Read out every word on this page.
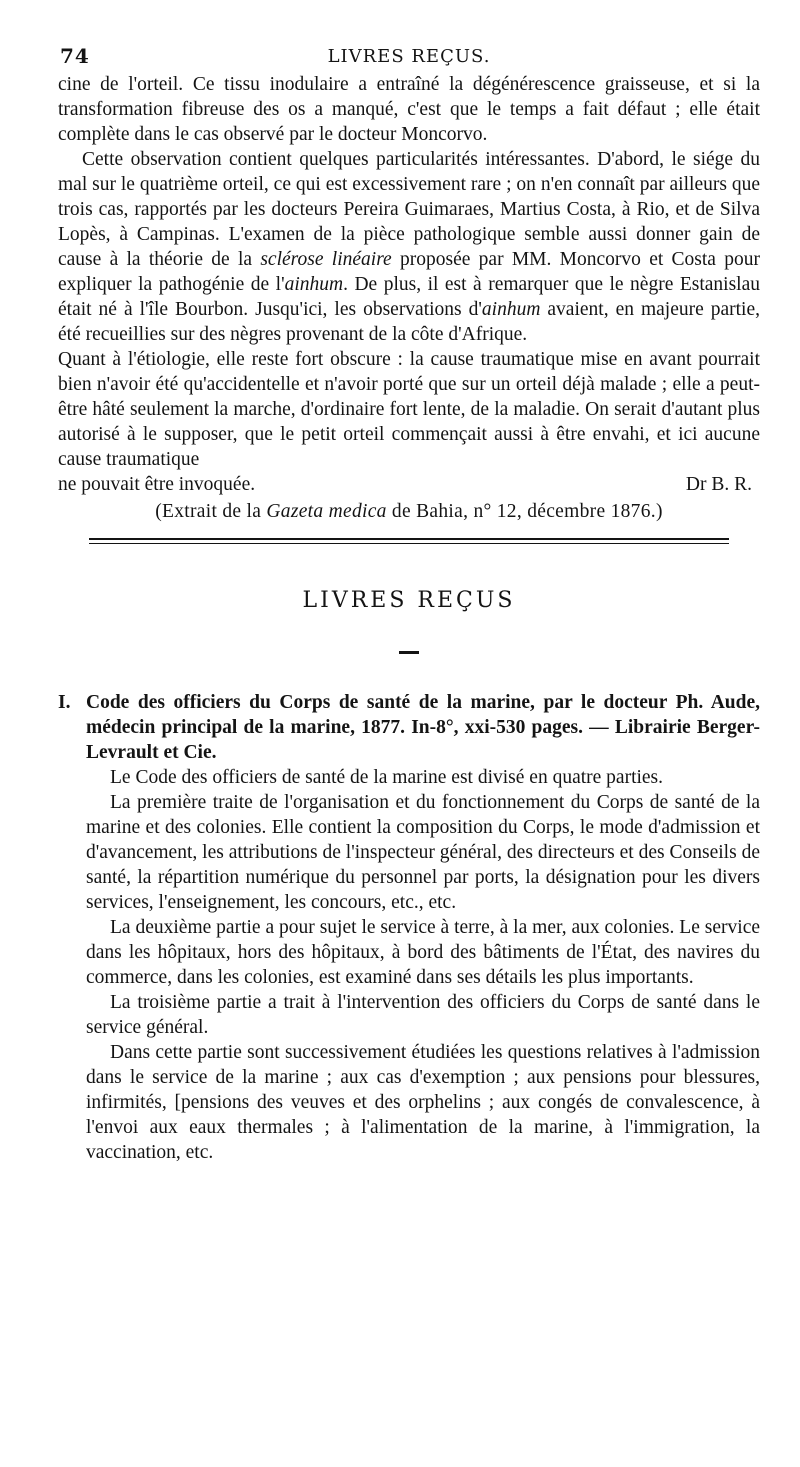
74	LIVRES REÇUS.

cine de l'orteil. Ce tissu inodulaire a entraîné la dégénérescence graisseuse, et si la transformation fibreuse des os a manqué, c'est que le temps a fait défaut ; elle était complète dans le cas observé par le docteur Moncorvo.

Cette observation contient quelques particularités intéressantes. D'abord, le siége du mal sur le quatrième orteil, ce qui est excessivement rare ; on n'en connaît par ailleurs que trois cas, rapportés par les docteurs Pereira Guimaraes, Martius Costa, à Rio, et de Silva Lopès, à Campinas. L'examen de la pièce pathologique semble aussi donner gain de cause à la théorie de la sclérose linéaire proposée par MM. Moncorvo et Costa pour expliquer la pathogénie de l'ainhum. De plus, il est à remarquer que le nègre Estanislau était né à l'île Bourbon. Jusqu'ici, les observations d'ainhum avaient, en majeure partie, été recueillies sur des nègres provenant de la côte d'Afrique.

Quant à l'étiologie, elle reste fort obscure : la cause traumatique mise en avant pourrait bien n'avoir été qu'accidentelle et n'avoir porté que sur un orteil déjà malade ; elle a peut-être hâté seulement la marche, d'ordinaire fort lente, de la maladie. On serait d'autant plus autorisé à le supposer, que le petit orteil commençait aussi à être envahi, et ici aucune cause traumatique

ne pouvait être invoquée.	Dr B. R.

(Extrait de la Gazeta medica de Bahia, n° 12, décembre 1876.)

LIVRES REÇUS
I. Code des officiers du Corps de santé de la marine, par le docteur Ph. Aude, médecin principal de la marine, 1877. In-8°, xxi-530 pages. — Librairie Berger-Levrault et Cie.

Le Code des officiers de santé de la marine est divisé en quatre parties.

La première traite de l'organisation et du fonctionnement du Corps de santé de la marine et des colonies. Elle contient la composition du Corps, le mode d'admission et d'avancement, les attributions de l'inspecteur général, des directeurs et des Conseils de santé, la répartition numérique du personnel par ports, la désignation pour les divers services, l'enseignement, les concours, etc., etc.

La deuxième partie a pour sujet le service à terre, à la mer, aux colonies. Le service dans les hôpitaux, hors des hôpitaux, à bord des bâtiments de l'État, des navires du commerce, dans les colonies, est examiné dans ses détails les plus importants.

La troisième partie a trait à l'intervention des officiers du Corps de santé dans le service général.

Dans cette partie sont successivement étudiées les questions relatives à l'admission dans le service de la marine ; aux cas d'exemption ; aux pensions pour blessures, infirmités, [pensions des veuves et des orphelins ; aux congés de convalescence, à l'envoi aux eaux thermales ; à l'alimentation de la marine, à l'immigration, la vaccination, etc.
